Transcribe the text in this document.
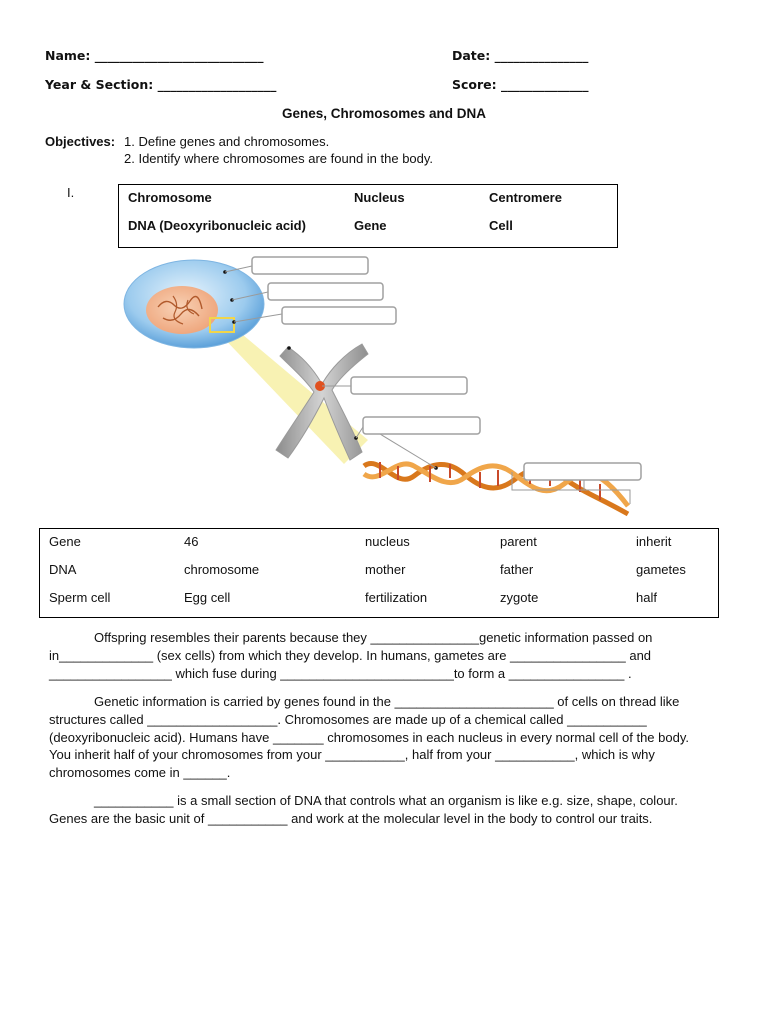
Name: ___________________________	Date: _______________
Year & Section: ___________________	Score: ______________
Genes, Chromosomes and DNA
Objectives: 1. Define genes and chromosomes.
2. Identify where chromosomes are found in the body.
I.	Chromosome	Nucleus	Centromere
DNA (Deoxyribonucleic acid)	Gene	Cell
Gene	46	nucleus	parent	inherit
DNA	chromosome	mother	father	gametes
Sperm cell	Egg cell	fertilization	zygote	half
Offspring resembles their parents because they _______________genetic information passed on in_____________ (sex cells) from which they develop. In humans, gametes are ________________ and _________________ which fuse during ________________________to form a ________________ .
Genetic information is carried by genes found in the ______________________ of cells on thread like structures called __________________. Chromosomes are made up of a chemical called ___________ (deoxyribonucleic acid). Humans have _______ chromosomes in each nucleus in every normal cell of the body. You inherit half of your chromosomes from your ___________, half from your ___________, which is why chromosomes come in ______.
___________ is a small section of DNA that controls what an organism is like e.g. size, shape, colour. Genes are the basic unit of ___________ and work at the molecular level in the body to control our traits.
